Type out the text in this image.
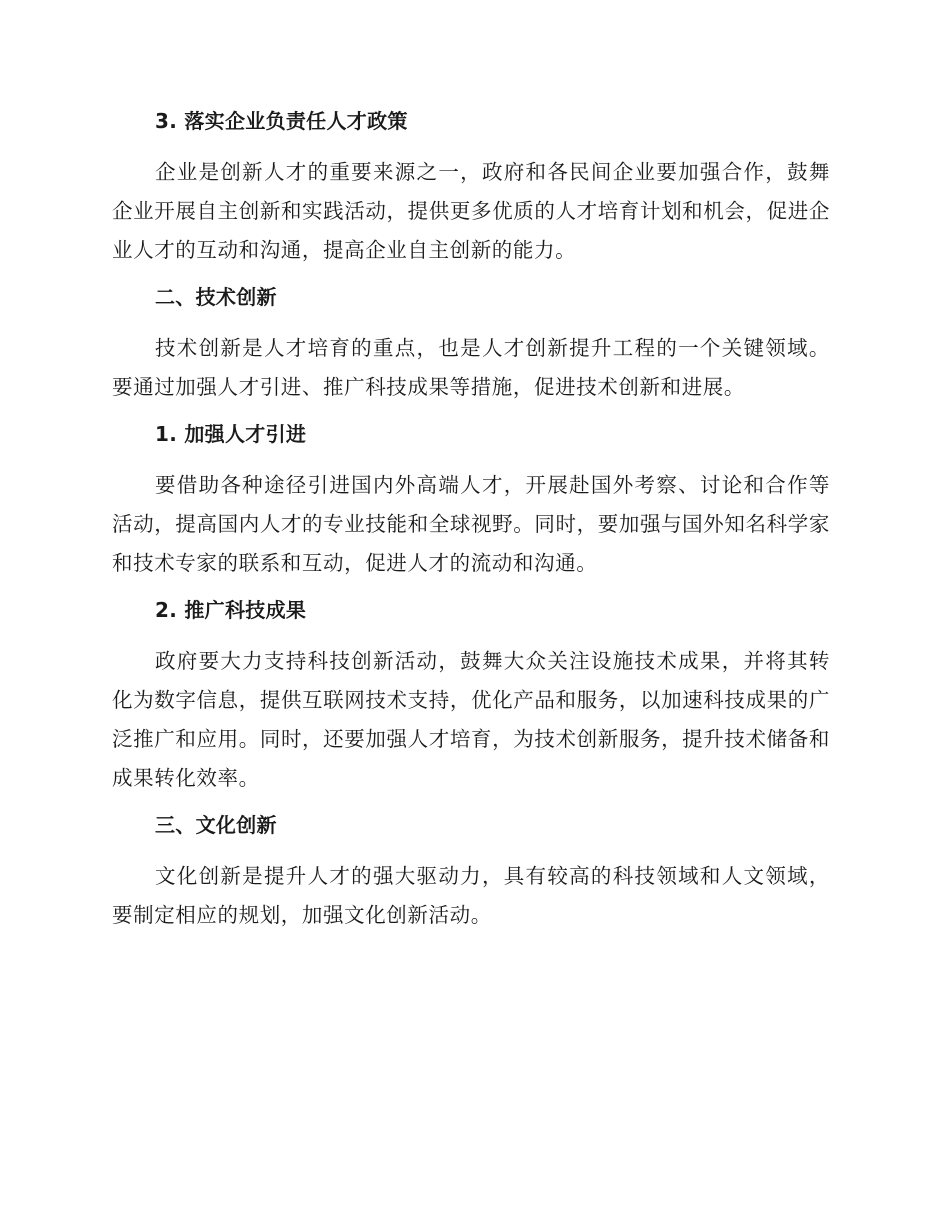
3. 落实企业负责任人才政策

企业是创新人才的重要来源之一，政府和各民间企业要加强合作，鼓舞企业开展自主创新和实践活动，提供更多优质的人才培育计划和机会，促进企业人才的互动和沟通，提高企业自主创新的能力。

二、技术创新

技术创新是人才培育的重点，也是人才创新提升工程的一个关键领域。要通过加强人才引进、推广科技成果等措施，促进技术创新和进展。

1. 加强人才引进

要借助各种途径引进国内外高端人才，开展赴国外考察、讨论和合作等活动，提高国内人才的专业技能和全球视野。同时，要加强与国外知名科学家和技术专家的联系和互动，促进人才的流动和沟通。

2. 推广科技成果

政府要大力支持科技创新活动，鼓舞大众关注设施技术成果，并将其转化为数字信息，提供互联网技术支持，优化产品和服务，以加速科技成果的广泛推广和应用。同时，还要加强人才培育，为技术创新服务，提升技术储备和成果转化效率。

三、文化创新

文化创新是提升人才的强大驱动力，具有较高的科技领域和人文领域，要制定相应的规划，加强文化创新活动。
